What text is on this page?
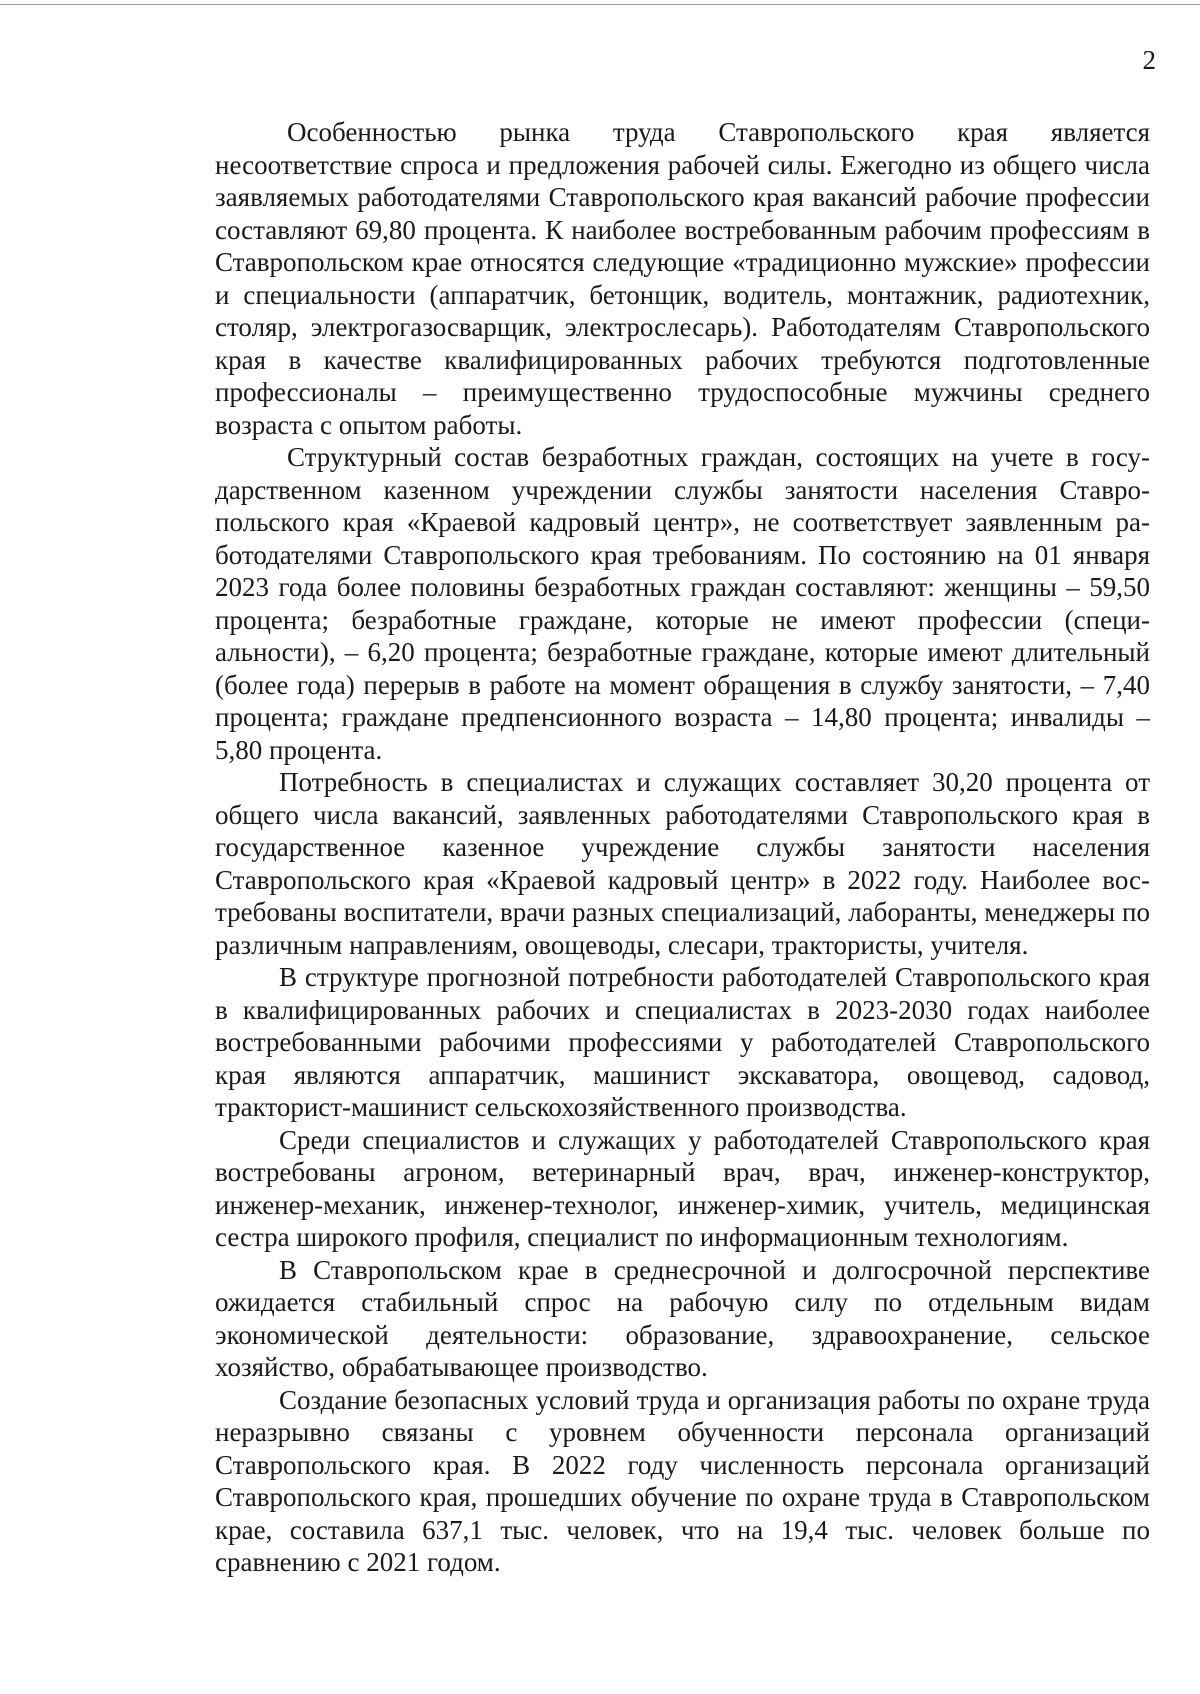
2

Особенностью рынка труда Ставропольского края является несоответствие спроса и предложения рабочей силы. Ежегодно из общего числа заявляемых работодателями Ставропольского края вакансий рабочие профессии составляют 69,80 процента. К наиболее востребованным рабочим профессиям в Ставропольском крае относятся следующие «традиционно мужские» профессии и специальности (аппаратчик, бетонщик, водитель, монтажник, радиотехник, столяр, электрогазосварщик, электрослесарь). Работодателям Ставропольского края в качестве квалифицированных рабочих требуются подготовленные профессионалы – преимущественно трудоспособные мужчины среднего возраста с опытом работы.

Структурный состав безработных граждан, состоящих на учете в государственном казенном учреждении службы занятости населения Ставропольского края «Краевой кадровый центр», не соответствует заявленным работодателями Ставропольского края требованиям. По состоянию на 01 января 2023 года более половины безработных граждан составляют: женщины – 59,50 процента; безработные граждане, которые не имеют профессии (специальности), – 6,20 процента; безработные граждане, которые имеют длительный (более года) перерыв в работе на момент обращения в службу занятости, – 7,40 процента; граждане предпенсионного возраста – 14,80 процента; инвалиды – 5,80 процента.

Потребность в специалистах и служащих составляет 30,20 процента от общего числа вакансий, заявленных работодателями Ставропольского края в государственное казенное учреждение службы занятости населения Ставропольского края «Краевой кадровый центр» в 2022 году. Наиболее востребованы воспитатели, врачи разных специализаций, лаборанты, менеджеры по различным направлениям, овощеводы, слесари, трактористы, учителя.

В структуре прогнозной потребности работодателей Ставропольского края в квалифицированных рабочих и специалистах в 2023-2030 годах наиболее востребованными рабочими профессиями у работодателей Ставропольского края являются аппаратчик, машинист экскаватора, овощевод, садовод, тракторист-машинист сельскохозяйственного производства.

Среди специалистов и служащих у работодателей Ставропольского края востребованы агроном, ветеринарный врач, врач, инженер-конструктор, инженер-механик, инженер-технолог, инженер-химик, учитель, медицинская сестра широкого профиля, специалист по информационным технологиям.

В Ставропольском крае в среднесрочной и долгосрочной перспективе ожидается стабильный спрос на рабочую силу по отдельным видам экономической деятельности: образование, здравоохранение, сельское хозяйство, обрабатывающее производство.

Создание безопасных условий труда и организация работы по охране труда неразрывно связаны с уровнем обученности персонала организаций Ставропольского края. В 2022 году численность персонала организаций Ставропольского края, прошедших обучение по охране труда в Ставропольском крае, составила 637,1 тыс. человек, что на 19,4 тыс. человек больше по сравнению с 2021 годом.
